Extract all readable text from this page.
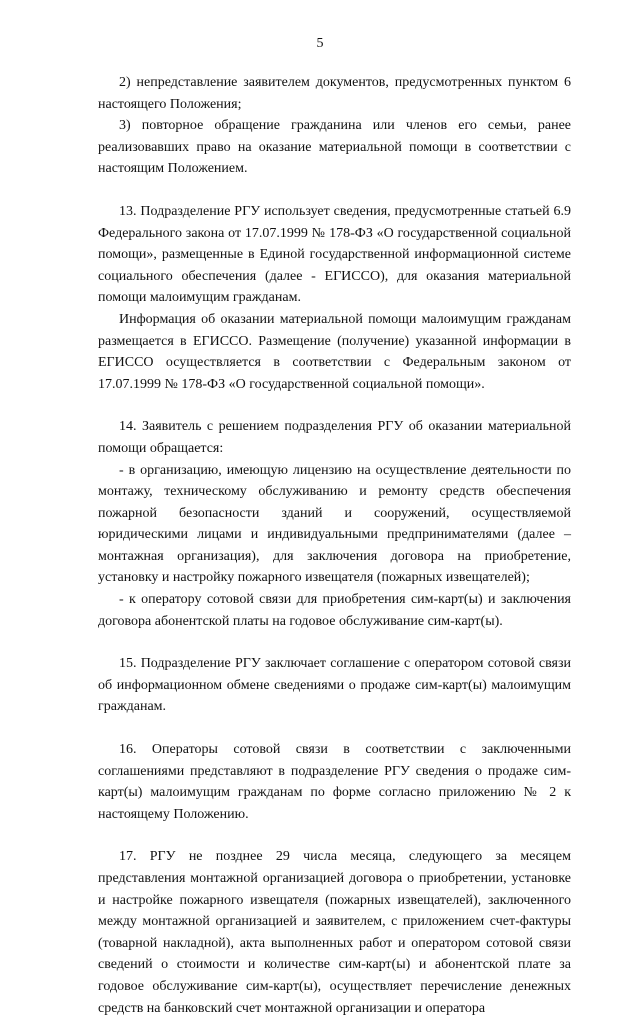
5

2) непредставление заявителем документов, предусмотренных пунктом 6 настоящего Положения;

3) повторное обращение гражданина или членов его семьи, ранее реализовавших право на оказание материальной помощи в соответствии с настоящим Положением.

13. Подразделение РГУ использует сведения, предусмотренные статьей 6.9 Федерального закона от 17.07.1999 № 178-ФЗ «О государственной социальной помощи», размещенные в Единой государственной информационной системе социального обеспечения (далее - ЕГИССО), для оказания материальной помощи малоимущим гражданам.

Информация об оказании материальной помощи малоимущим гражданам размещается в ЕГИССО. Размещение (получение) указанной информации в ЕГИССО осуществляется в соответствии с Федеральным законом от 17.07.1999 № 178-ФЗ «О государственной социальной помощи».

14. Заявитель с решением подразделения РГУ об оказании материальной помощи обращается:

- в организацию, имеющую лицензию на осуществление деятельности по монтажу, техническому обслуживанию и ремонту средств обеспечения пожарной безопасности зданий и сооружений, осуществляемой юридическими лицами и индивидуальными предпринимателями (далее – монтажная организация), для заключения договора на приобретение, установку и настройку пожарного извещателя (пожарных извещателей);

- к оператору сотовой связи для приобретения сим-карт(ы) и заключения договора абонентской платы на годовое обслуживание сим-карт(ы).

15. Подразделение РГУ заключает соглашение с оператором сотовой связи об информационном обмене сведениями о продаже сим-карт(ы) малоимущим гражданам.

16. Операторы сотовой связи в соответствии с заключенными соглашениями представляют в подразделение РГУ сведения о продаже сим-карт(ы) малоимущим гражданам по форме согласно приложению № 2 к настоящему Положению.

17. РГУ не позднее 29 числа месяца, следующего за месяцем представления монтажной организацией договора о приобретении, установке и настройке пожарного извещателя (пожарных извещателей), заключенного между монтажной организацией и заявителем, с приложением счет-фактуры (товарной накладной), акта выполненных работ и оператором сотовой связи сведений о стоимости и количестве сим-карт(ы) и абонентской плате за годовое обслуживание сим-карт(ы), осуществляет перечисление денежных средств на банковский счет монтажной организации и оператора
